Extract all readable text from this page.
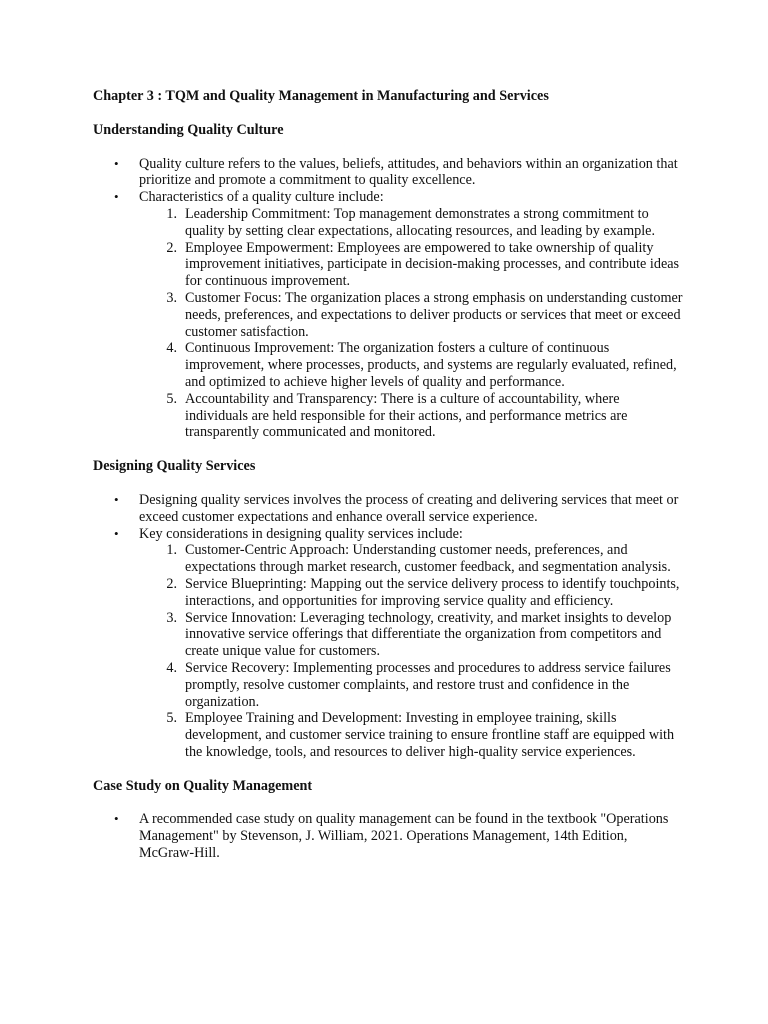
Chapter 3 : TQM and Quality Management in Manufacturing and Services
Understanding Quality Culture
• Quality culture refers to the values, beliefs, attitudes, and behaviors within an organization that prioritize and promote a commitment to quality excellence.
• Characteristics of a quality culture include:
1. Leadership Commitment: Top management demonstrates a strong commitment to quality by setting clear expectations, allocating resources, and leading by example.
2. Employee Empowerment: Employees are empowered to take ownership of quality improvement initiatives, participate in decision-making processes, and contribute ideas for continuous improvement.
3. Customer Focus: The organization places a strong emphasis on understanding customer needs, preferences, and expectations to deliver products or services that meet or exceed customer satisfaction.
4. Continuous Improvement: The organization fosters a culture of continuous improvement, where processes, products, and systems are regularly evaluated, refined, and optimized to achieve higher levels of quality and performance.
5. Accountability and Transparency: There is a culture of accountability, where individuals are held responsible for their actions, and performance metrics are transparently communicated and monitored.
Designing Quality Services
• Designing quality services involves the process of creating and delivering services that meet or exceed customer expectations and enhance overall service experience.
• Key considerations in designing quality services include:
1. Customer-Centric Approach: Understanding customer needs, preferences, and expectations through market research, customer feedback, and segmentation analysis.
2. Service Blueprinting: Mapping out the service delivery process to identify touchpoints, interactions, and opportunities for improving service quality and efficiency.
3. Service Innovation: Leveraging technology, creativity, and market insights to develop innovative service offerings that differentiate the organization from competitors and create unique value for customers.
4. Service Recovery: Implementing processes and procedures to address service failures promptly, resolve customer complaints, and restore trust and confidence in the organization.
5. Employee Training and Development: Investing in employee training, skills development, and customer service training to ensure frontline staff are equipped with the knowledge, tools, and resources to deliver high-quality service experiences.
Case Study on Quality Management
• A recommended case study on quality management can be found in the textbook "Operations Management" by Stevenson, J. William, 2021. Operations Management, 14th Edition, McGraw-Hill.
